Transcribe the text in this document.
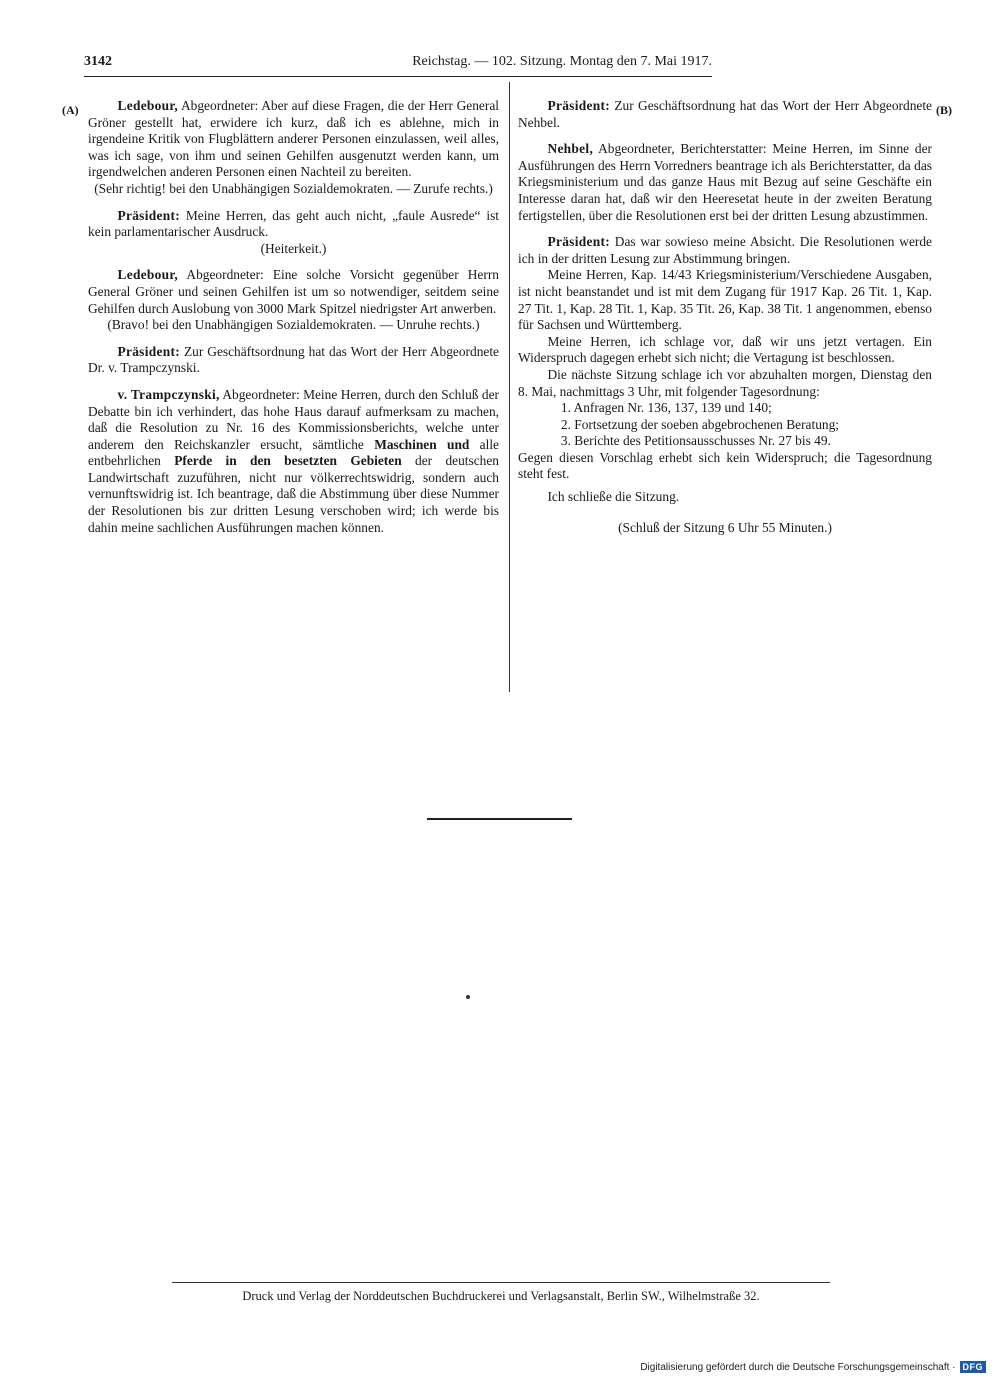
3142	Reichstag. — 102. Sitzung. Montag den 7. Mai 1917.
(A)	(B)

Ledebour, Abgeordneter: Aber auf diese Fragen, die der Herr General Gröner gestellt hat, erwidere ich kurz, daß ich es ablehne, mich in irgendeine Kritik von Flugblättern anderer Personen einzulassen, weil alles, was ich sage, von ihm und seinen Gehilfen ausgenutzt werden kann, um irgendwelchen anderen Personen einen Nachteil zu bereiten.

(Sehr richtig! bei den Unabhängigen Sozialdemokraten. — Zurufe rechts.)

Präsident: Meine Herren, das geht auch nicht, „faule Ausrede“ ist kein parlamentarischer Ausdruck.

(Heiterkeit.)

Ledebour, Abgeordneter: Eine solche Vorsicht gegenüber Herrn General Gröner und seinen Gehilfen ist um so notwendiger, seitdem seine Gehilfen durch Auslobung von 3000 Mark Spitzel niedrigster Art anwerben.

(Bravo! bei den Unabhängigen Sozialdemokraten. — Unruhe rechts.)

Präsident: Zur Geschäftsordnung hat das Wort der Herr Abgeordnete Dr. v. Trampczynski.

v. Trampczynski, Abgeordneter: Meine Herren, durch den Schluß der Debatte bin ich verhindert, das hohe Haus darauf aufmerksam zu machen, daß die Resolution zu Nr. 16 des Kommissionsberichts, welche unter anderem den Reichskanzler ersucht, sämtliche Maschinen und alle entbehrlichen Pferde in den besetzten Gebieten der deutschen Landwirtschaft zuzuführen, nicht nur völkerrechtswidrig, sondern auch vernunftswidrig ist. Ich beantrage, daß die Abstimmung über diese Nummer der Resolutionen bis zur dritten Lesung verschoben wird; ich werde bis dahin meine sachlichen Ausführungen machen können.

Präsident: Zur Geschäftsordnung hat das Wort der Herr Abgeordnete Nehbel.

Nehbel, Abgeordneter, Berichterstatter: Meine Herren, im Sinne der Ausführungen des Herrn Vorredners beantrage ich als Berichterstatter, da das Kriegsministerium und das ganze Haus mit Bezug auf seine Geschäfte ein Interesse daran hat, daß wir den Heeresetat heute in der zweiten Beratung fertigstellen, über die Resolutionen erst bei der dritten Lesung abzustimmen.

Präsident: Das war sowieso meine Absicht. Die Resolutionen werde ich in der dritten Lesung zur Abstimmung bringen.

Meine Herren, Kap. 14/43 Kriegsministerium/Verschiedene Ausgaben, ist nicht beanstandet und ist mit dem Zugang für 1917 Kap. 26 Tit. 1, Kap. 27 Tit. 1, Kap. 28 Tit. 1, Kap. 35 Tit. 26, Kap. 38 Tit. 1 angenommen, ebenso für Sachsen und Württemberg.

Meine Herren, ich schlage vor, daß wir uns jetzt vertagen. Ein Widerspruch dagegen erhebt sich nicht; die Vertagung ist beschlossen.

Die nächste Sitzung schlage ich vor abzuhalten morgen, Dienstag den 8. Mai, nachmittags 3 Uhr, mit folgender Tagesordnung:

1. Anfragen Nr. 136, 137, 139 und 140;

2. Fortsetzung der soeben abgebrochenen Beratung;

3. Berichte des Petitionsausschusses Nr. 27 bis 49.

Gegen diesen Vorschlag erhebt sich kein Widerspruch; die Tagesordnung steht fest.

Ich schließe die Sitzung.

(Schluß der Sitzung 6 Uhr 55 Minuten.)

Druck und Verlag der Norddeutschen Buchdruckerei und Verlagsanstalt, Berlin SW., Wilhelmstraße 32.
Digitalisierung gefördert durch die Deutsche Forschungsgemeinschaft · DFG
